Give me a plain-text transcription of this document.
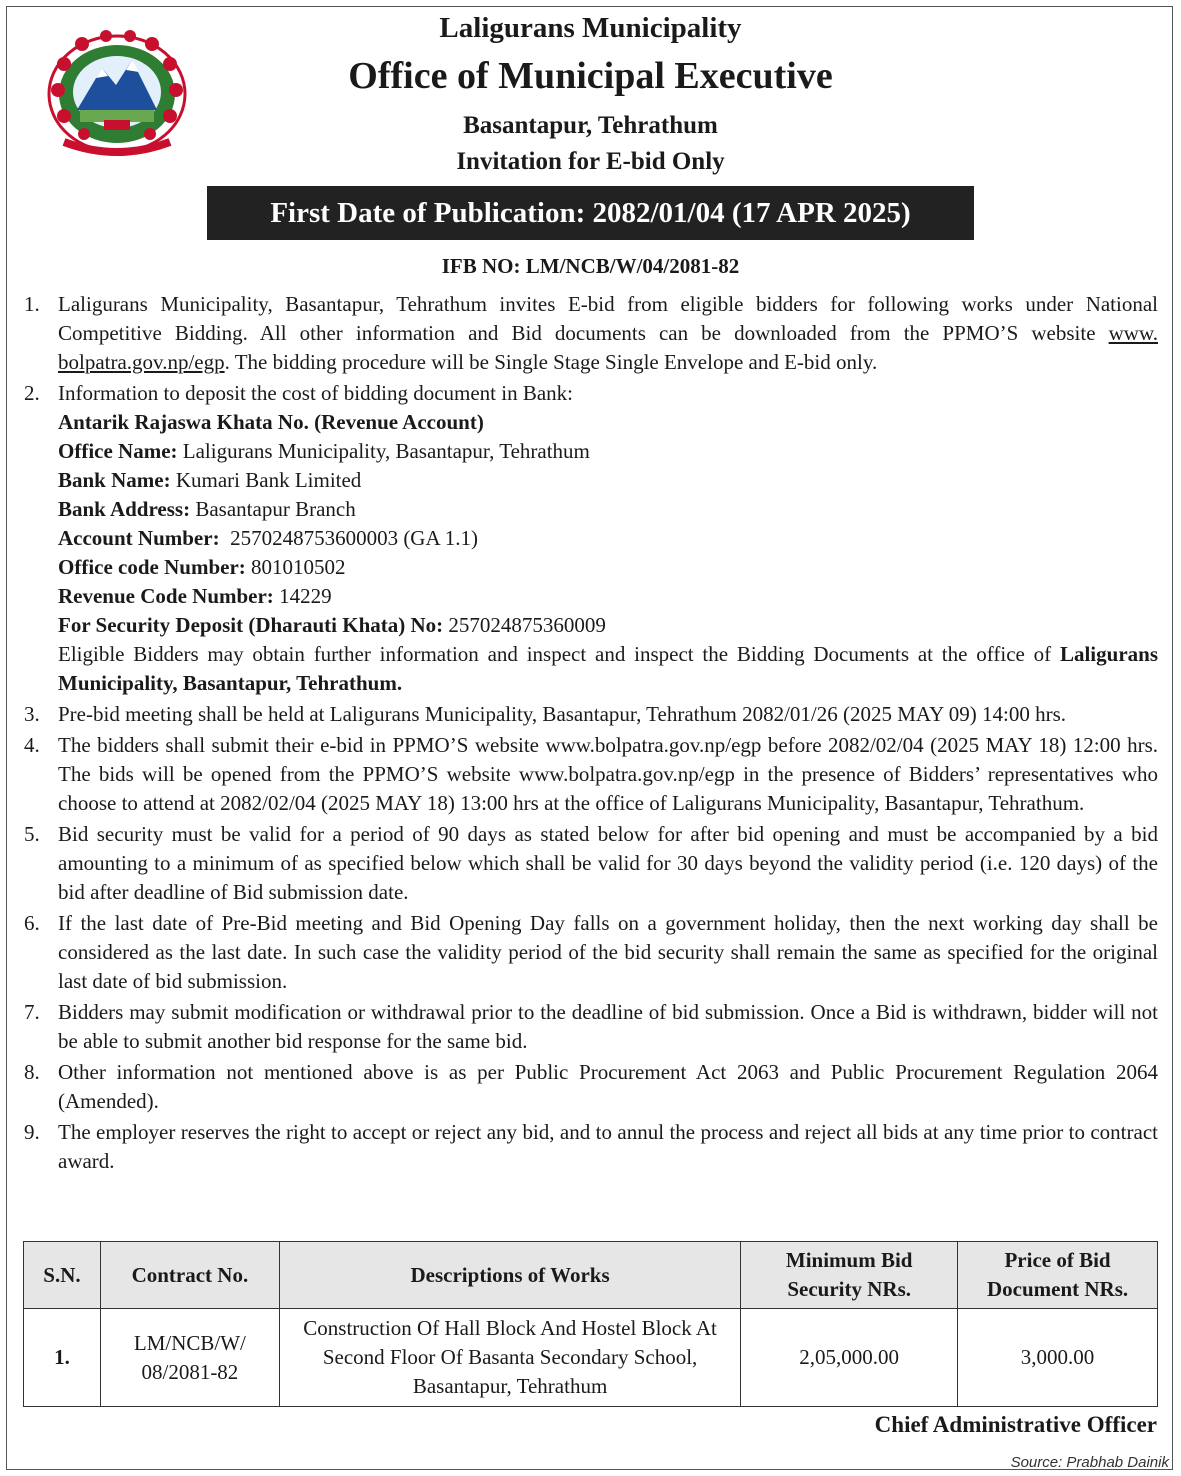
Laligurans Municipality
Office of Municipal Executive
Basantapur, Tehrathum
Invitation for E-bid Only
First Date of Publication: 2082/01/04 (17 APR 2025)
IFB NO: LM/NCB/W/04/2081-82
1. Laligurans Municipality, Basantapur, Tehrathum invites E-bid from eligible bidders for following works under National Competitive Bidding. All other information and Bid documents can be downloaded from the PPMO’S website www. bolpatra.gov.np/egp. The bidding procedure will be Single Stage Single Envelope and E-bid only.
2. Information to deposit the cost of bidding document in Bank:
Antarik Rajaswa Khata No. (Revenue Account)
Office Name: Laligurans Municipality, Basantapur, Tehrathum
Bank Name: Kumari Bank Limited
Bank Address: Basantapur Branch
Account Number:  2570248753600003 (GA 1.1)
Office code Number: 801010502
Revenue Code Number: 14229
For Security Deposit (Dharauti Khata) No: 257024875360009
Eligible Bidders may obtain further information and inspect and inspect the Bidding Documents at the office of Laligurans Municipality, Basantapur, Tehrathum.
3. Pre-bid meeting shall be held at Laligurans Municipality, Basantapur, Tehrathum 2082/01/26 (2025 MAY 09) 14:00 hrs.
4. The bidders shall submit their e-bid in PPMO’S website www.bolpatra.gov.np/egp before 2082/02/04 (2025 MAY 18) 12:00 hrs. The bids will be opened from the PPMO’S website www.bolpatra.gov.np/egp in the presence of Bidders’ representatives who choose to attend at 2082/02/04 (2025 MAY 18) 13:00 hrs at the office of Laligurans Municipality, Basantapur, Tehrathum.
5. Bid security must be valid for a period of 90 days as stated below for after bid opening and must be accompanied by a bid amounting to a minimum of as specified below which shall be valid for 30 days beyond the validity period (i.e. 120 days) of the bid after deadline of Bid submission date.
6. If the last date of Pre-Bid meeting and Bid Opening Day falls on a government holiday, then the next working day shall be considered as the last date. In such case the validity period of the bid security shall remain the same as specified for the original last date of bid submission.
7. Bidders may submit modification or withdrawal prior to the deadline of bid submission. Once a Bid is withdrawn, bidder will not be able to submit another bid response for the same bid.
8. Other information not mentioned above is as per Public Procurement Act 2063 and Public Procurement Regulation 2064 (Amended).
9. The employer reserves the right to accept or reject any bid, and to annul the process and reject all bids at any time prior to contract award.
S.N.	Contract No.	Descriptions of Works	Minimum Bid Security NRs.	Price of Bid Document NRs.
1.	LM/NCB/W/ 08/2081-82	Construction Of Hall Block And Hostel Block At Second Floor Of Basanta Secondary School, Basantapur, Tehrathum	2,05,000.00	3,000.00
Chief Administrative Officer
Source: Prabhab Dainik
